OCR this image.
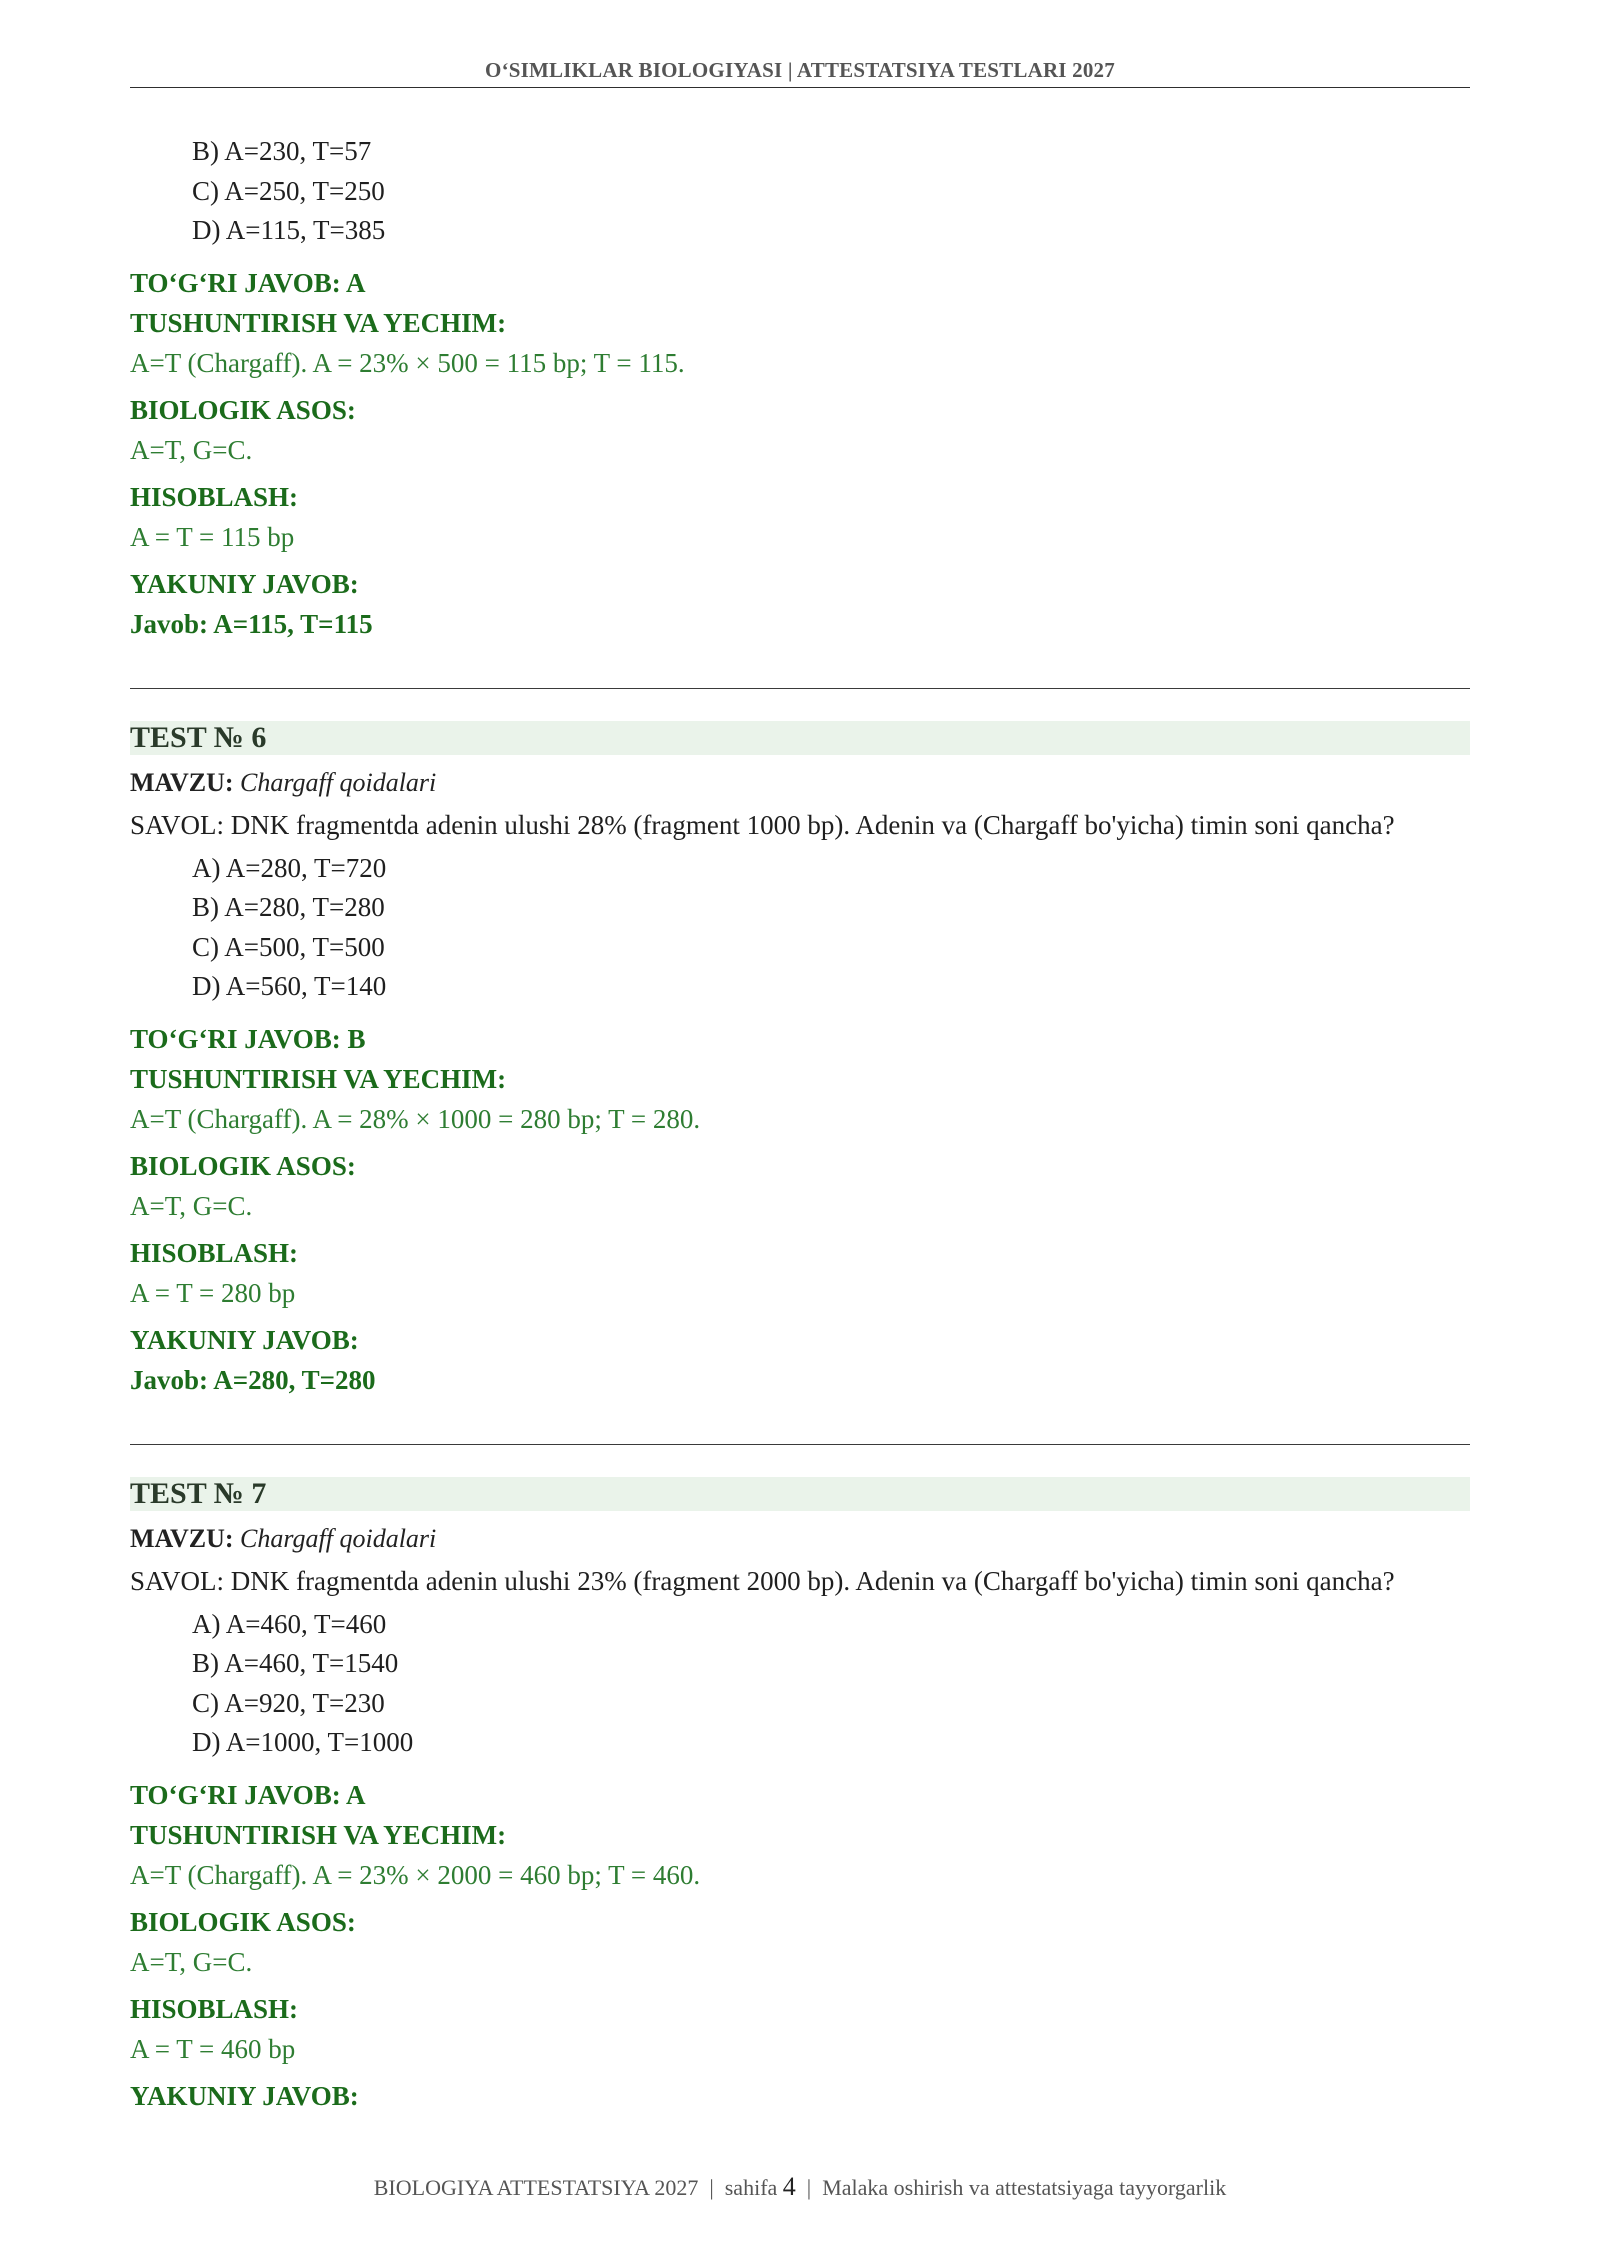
O‘SIMLIKLAR BIOLOGIYASI | ATTESTATSIYA TESTLARI 2027
B) A=230, T=57
C) A=250, T=250
D) A=115, T=385
TO‘G‘RI JAVOB: A
TUSHUNTIRISH VA YECHIM:
A=T (Chargaff). A = 23% × 500 = 115 bp; T = 115.
BIOLOGIK ASOS:
A=T, G=C.
HISOBLASH:
A = T = 115 bp
YAKUNIY JAVOB:
Javob: A=115, T=115
TEST № 6
MAVZU: Chargaff qoidalari
SAVOL: DNK fragmentda adenin ulushi 28% (fragment 1000 bp). Adenin va (Chargaff bo'yicha) timin soni qancha?
A) A=280, T=720
B) A=280, T=280
C) A=500, T=500
D) A=560, T=140
TO‘G‘RI JAVOB: B
TUSHUNTIRISH VA YECHIM:
A=T (Chargaff). A = 28% × 1000 = 280 bp; T = 280.
BIOLOGIK ASOS:
A=T, G=C.
HISOBLASH:
A = T = 280 bp
YAKUNIY JAVOB:
Javob: A=280, T=280
TEST № 7
MAVZU: Chargaff qoidalari
SAVOL: DNK fragmentda adenin ulushi 23% (fragment 2000 bp). Adenin va (Chargaff bo'yicha) timin soni qancha?
A) A=460, T=460
B) A=460, T=1540
C) A=920, T=230
D) A=1000, T=1000
TO‘G‘RI JAVOB: A
TUSHUNTIRISH VA YECHIM:
A=T (Chargaff). A = 23% × 2000 = 460 bp; T = 460.
BIOLOGIK ASOS:
A=T, G=C.
HISOBLASH:
A = T = 460 bp
YAKUNIY JAVOB:
BIOLOGIYA ATTESTATSIYA 2027  |  sahifa 4  |  Malaka oshirish va attestatsiyaga tayyorgarlik
